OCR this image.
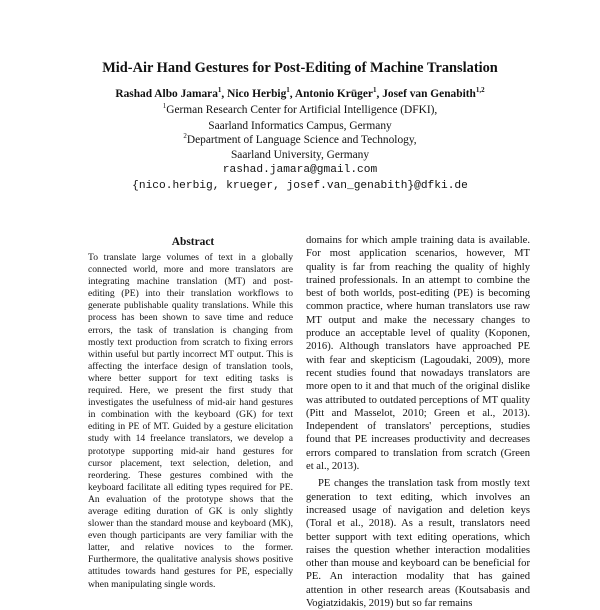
Mid-Air Hand Gestures for Post-Editing of Machine Translation
Rashad Albo Jamara$^1$, Nico Herbig$^1$, Antonio Krüger$^1$, Josef van Genabith$^{1,2}$
$^1$German Research Center for Artificial Intelligence (DFKI),
Saarland Informatics Campus, Germany
$^2$Department of Language Science and Technology,
Saarland University, Germany
rashad.jamara@gmail.com
{nico.herbig, krueger, josef.van_genabith}@dfki.de
Abstract

To translate large volumes of text in a globally connected world, more and more translators are integrating machine translation (MT) and post-editing (PE) into their translation workflows to generate publishable quality translations. While this process has been shown to save time and reduce errors, the task of translation is changing from mostly text production from scratch to fixing errors within useful but partly incorrect MT output. This is affecting the interface design of translation tools, where better support for text editing tasks is required. Here, we present the first study that investigates the usefulness of mid-air hand gestures in combination with the keyboard (GK) for text editing in PE of MT. Guided by a gesture elicitation study with 14 freelance translators, we develop a prototype supporting mid-air hand gestures for cursor placement, text selection, deletion, and reordering. These gestures combined with the keyboard facilitate all editing types required for PE. An evaluation of the prototype shows that the average editing duration of GK is only slightly slower than the standard mouse and keyboard (MK), even though participants are very familiar with the latter, and relative novices to the former. Furthermore, the qualitative analysis shows positive attitudes towards hand gestures for PE, especially when manipulating single words.

domains for which ample training data is available. For most application scenarios, however, MT quality is far from reaching the quality of highly trained professionals. In an attempt to combine the best of both worlds, post-editing (PE) is becoming common practice, where human translators use raw MT output and make the necessary changes to produce an acceptable level of quality (Koponen, 2016). Although translators have approached PE with fear and skepticism (Lagoudaki, 2009), more recent studies found that nowadays translators are more open to it and that much of the original dislike was attributed to outdated perceptions of MT quality (Pitt and Masselot, 2010; Green et al., 2013). Independent of translators' perceptions, studies found that PE increases productivity and decreases errors compared to translation from scratch (Green et al., 2013).

PE changes the translation task from mostly text generation to text editing, which involves an increased usage of navigation and deletion keys (Toral et al., 2018). As a result, translators need better support with text editing operations, which raises the question whether interaction modalities other than mouse and keyboard can be beneficial for PE. An interaction modality that has gained attention in other research areas (Koutsabasis and Vogiatzidakis, 2019) but so far remains
